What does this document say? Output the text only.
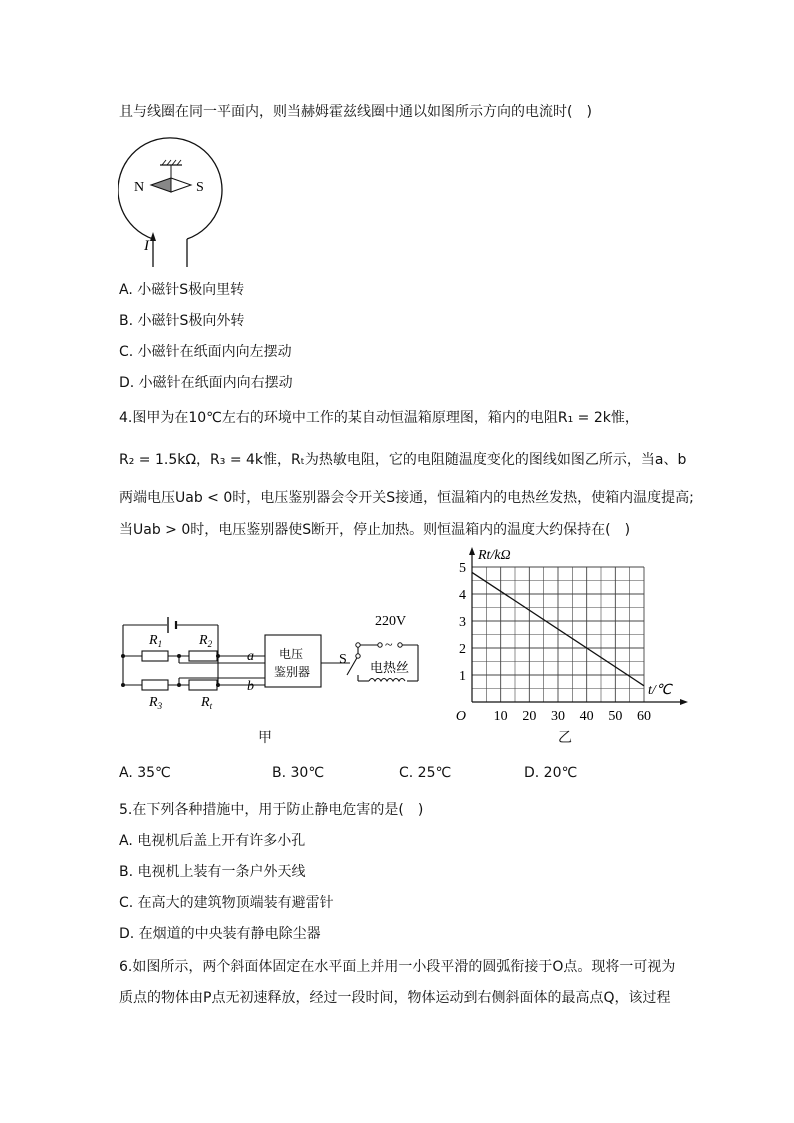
且与线圈在同一平面内，则当赫姆霍兹线圈中通以如图所示方向的电流时(　)
N	S
I
A. 小磁针S极向里转
B. 小磁针S极向外转
C. 小磁针在纸面内向左摆动
D. 小磁针在纸面内向右摆动
4.图甲为在10℃左右的环境中工作的某自动恒温箱原理图，箱内的电阻R₁ = 2k惟，
R₂ = 1.5kΩ，R₃ = 4k惟，Rₜ为热敏电阻，它的电阻随温度变化的图线如图乙所示，当a、b
两端电压Uab < 0时，电压鉴别器会令开关S接通，恒温箱内的电热丝发热，使箱内温度提高;
当Uab > 0时，电压鉴别器使S断开，停止加热。则恒温箱内的温度大约保持在(　)
$R_1$	$R_2$
$R_3$	$R_t$
a
b
电压
鉴别器
S
220V
~
电热丝
甲
10 20 30 40 50 60
1
2
3
4
5
O
Rt/kΩ
t/℃
乙
A. 35℃	B. 30℃	C. 25℃	D. 20℃
5.在下列各种措施中，用于防止静电危害的是(　)
A. 电视机后盖上开有许多小孔
B. 电视机上装有一条户外天线
C. 在高大的建筑物顶端装有避雷针
D. 在烟道的中央装有静电除尘器
6.如图所示，两个斜面体固定在水平面上并用一小段平滑的圆弧衔接于O点。现将一可视为
质点的物体由P点无初速释放，经过一段时间，物体运动到右侧斜面体的最高点Q，该过程
